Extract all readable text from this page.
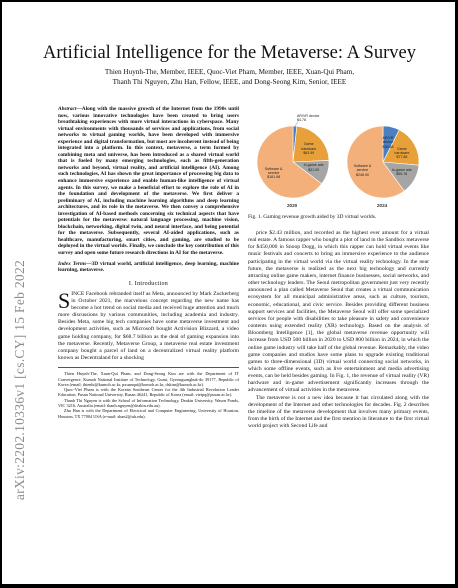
arXiv:2202.10336v1 [cs.CY] 15 Feb 2022
Artificial Intelligence for the Metaverse: A Survey
Thien Huynh-The, Member, IEEE, Quoc-Viet Pham, Member, IEEE, Xuan-Qui Pham,
Thanh Thi Nguyen, Zhu Han, Fellow, IEEE, and Dong-Seong Kim, Senior, IEEE
Abstract—Along with the massive growth of the Internet from the 1990s until now, various innovative technologies have been created to bring users breathtaking experiences with more virtual interactions in cyberspace. Many virtual environments with thousands of services and applications, from social networks to virtual gaming worlds, have been developed with immersive experience and digital transformation, but most are incoherent instead of being integrated into a platform. In this context, metaverse, a term formed by combining meta and universe, has been introduced as a shared virtual world that is fueled by many emerging technologies, such as fifth-generation networks and beyond, virtual reality, and artificial intelligence (AI). Among such technologies, AI has shown the great importance of processing big data to enhance immersive experience and enable human-like intelligence of virtual agents. In this survey, we make a beneficial effort to explore the role of AI in the foundation and development of the metaverse. We first deliver a preliminary of AI, including machine learning algorithms and deep learning architectures, and its role in the metaverse. We then convey a comprehensive investigation of AI-based methods concerning six technical aspects that have potentials for the metaverse: natural language processing, machine vision, blockchain, networking, digital twin, and neural interface, and being potential for the metaverse. Subsequently, several AI-aided applications, such as healthcare, manufacturing, smart cities, and gaming, are studied to be deployed in the virtual worlds. Finally, we conclude the key contribution of this survey and open some future research directions in AI for the metaverse.
Index Terms—3D virtual world, artificial intelligence, deep learning, machine learning, metaverse.
I. Introduction
SINCE Facebook rebranded itself as Meta, announced by Mark Zuckerberg in October 2021, the marvelous concept regarding the new name has become a hot trend on social media and received huge attention and much more discussions by various communities, including academia and industry. Besides Meta, some big tech companies have some metaverse investment and development activities, such as Microsoft bought Activision Blizzard, a video game holding company, for $68.7 billion as the deal of gaming expansion into the metaverse. Recently, Metaverse Group, a metaverse real estate investment company bought a parcel of land on a decentralized virtual reality platform known as Decentraland for a shocking
Thien Huynh-The, Xuan-Qui Pham, and Dong-Seong Kim are with the Department of IT Convergence, Kumoh National Institute of Technology, Gumi, Gyeongsangbuk-do 39177, Republic of Korea (email: thienht@kumoh.ac.kr, pxuanqui@kumoh.ac.kr, dskim@kumoh.ac.kr).
Quoc-Viet Pham is with the Korean Southeast Center for the 4th Industrial Revolution Leader Education, Pusan National University, Busan 46241, Republic of Korea (email: vietpq@pusan.ac.kr).
Thanh Thi Nguyen is with the School of Information Technology, Deakin University, Waurn Ponds, VIC 3216, Australia (email: thanh.nguyen@deakin.edu.au).
Zhu Han is with the Department of Electrical and Computer Engineering, University of Houston, Houston, TX 77004 USA (e-mail: zhan2@uh.edu).
AR/VR device
$4.78
Game hardware
$63.59
In-game ads
$31.09
Software & service
$181.98
2020
AR/VR device
$30.68 Game hardware
$77.88
In-game ads
$55.78
Software & service
$246.90
2024
Fig. 1. Gaming revenue growth aided by 3D virtual worlds.
price $2.43 million, and recorded as the highest ever amount for a virtual real estate. A famous rapper who bought a plot of land in the Sandbox metaverse for $450,000 in Snoop Dogg, in which this rapper can hold virtual events like music festivals and concerts to bring an immersive experience to the audience participating in the virtual world via the virtual reality technology. In the near future, the metaverse is realized as the next big technology and currently attracting online game makers, internet finance businesses, social networks, and other technology leaders. The Seoul metropolitan government just very recently announced a plan called Metaverse Seoul that creates a virtual communication ecosystem for all municipal administrative areas, such as culture, tourism, economic, educational, and civic service. Besides providing different business support services and facilities, the Metaverse Seoul will offer some specialized services for people with disabilities to take pleasure in safety and convenience contents using extended reality (XR) technology. Based on the analysis of Bloomberg Intelligence [1], the global metaverse revenue opportunity will increase from USD 500 billion in 2020 to USD 800 billion in 2024, in which the online game industry will take half of the global revenue. Remarkably, the video game companies and studios have some plans to upgrade existing traditional games to three-dimensional (3D) virtual world connecting social networks, in which some offline events, such as live entertainment and media advertising events, can be held besides gaming. In Fig. 1, the revenue of virtual reality (VR) hardware and in-game advertisement significantly increases through the advancement of virtual activities in the metaverse.
The metaverse is not a new idea because it has circulated along with the development of the Internet and other technologies for decades. Fig. 2 describes the timeline of the metaverse development that involves many primary events, from the birth of the Internet and the first mention in literature to the first virtual world project with Second Life and
